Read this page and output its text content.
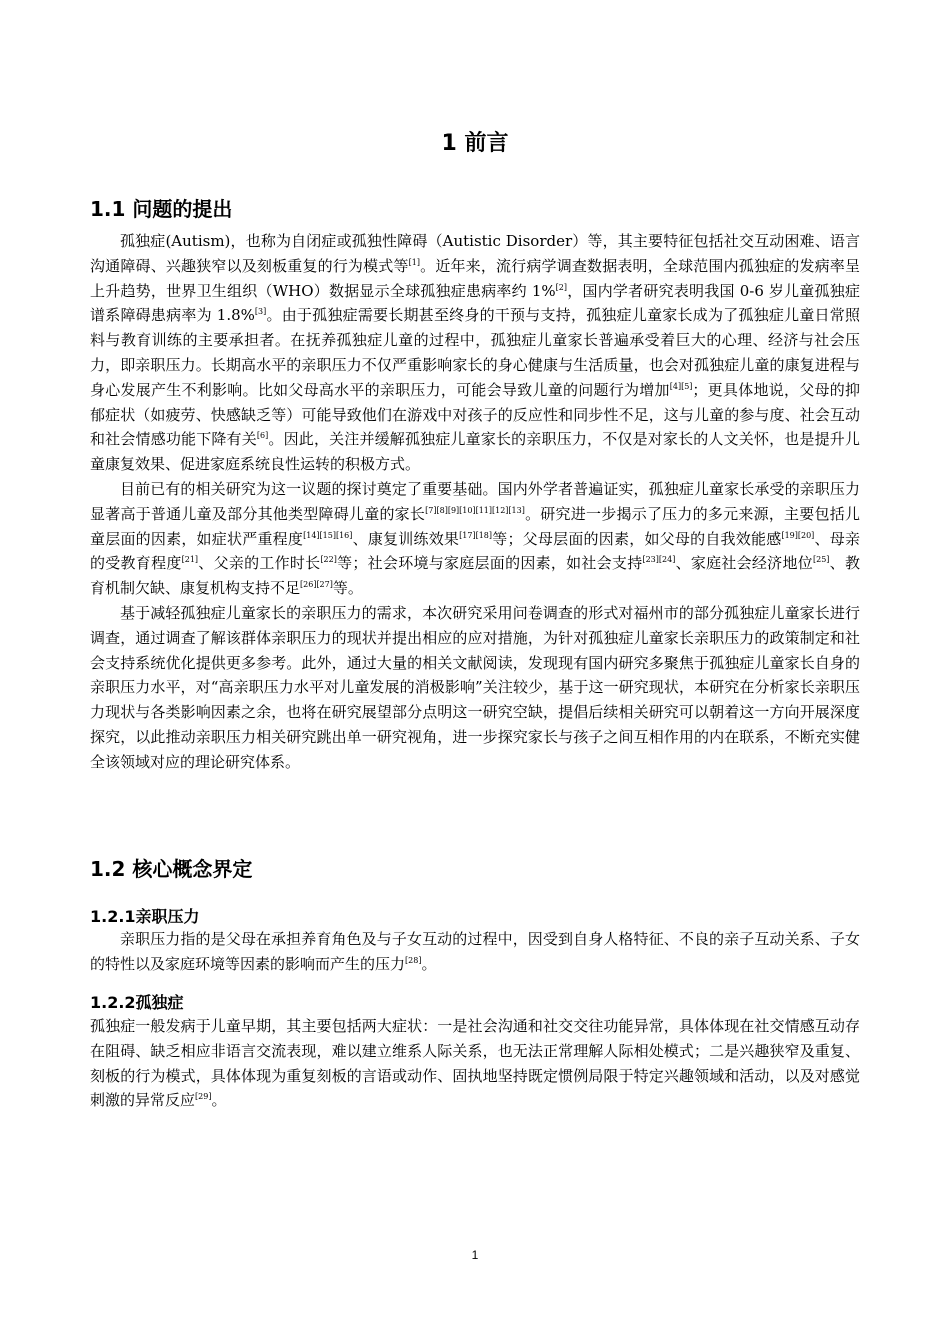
1 前言
1.1 问题的提出

孤独症(Autism)，也称为自闭症或孤独性障碍（Autistic Disorder）等，其主要特征包括社交互动困难、语言沟通障碍、兴趣狭窄以及刻板重复的行为模式等[1]。近年来，流行病学调查数据表明，全球范围内孤独症的发病率呈上升趋势，世界卫生组织（WHO）数据显示全球孤独症患病率约 1%[2]，国内学者研究表明我国 0-6 岁儿童孤独症谱系障碍患病率为 1.8%[3]。由于孤独症需要长期甚至终身的干预与支持，孤独症儿童家长成为了孤独症儿童日常照料与教育训练的主要承担者。在抚养孤独症儿童的过程中，孤独症儿童家长普遍承受着巨大的心理、经济与社会压力，即亲职压力。长期高水平的亲职压力不仅严重影响家长的身心健康与生活质量，也会对孤独症儿童的康复进程与身心发展产生不利影响。比如父母高水平的亲职压力，可能会导致儿童的问题行为增加[4][5]；更具体地说，父母的抑郁症状（如疲劳、快感缺乏等）可能导致他们在游戏中对孩子的反应性和同步性不足，这与儿童的参与度、社会互动和社会情感功能下降有关[6]。因此，关注并缓解孤独症儿童家长的亲职压力，不仅是对家长的人文关怀，也是提升儿童康复效果、促进家庭系统良性运转的积极方式。

目前已有的相关研究为这一议题的探讨奠定了重要基础。国内外学者普遍证实，孤独症儿童家长承受的亲职压力显著高于普通儿童及部分其他类型障碍儿童的家长[7][8][9][10][11][12][13]。研究进一步揭示了压力的多元来源，主要包括儿童层面的因素，如症状严重程度[14][15][16]、康复训练效果[17][18]等；父母层面的因素，如父母的自我效能感[19][20]、母亲的受教育程度[21]、父亲的工作时长[22]等；社会环境与家庭层面的因素，如社会支持[23][24]、家庭社会经济地位[25]、教育机制欠缺、康复机构支持不足[26][27]等。

基于减轻孤独症儿童家长的亲职压力的需求，本次研究采用问卷调查的形式对福州市的部分孤独症儿童家长进行调查，通过调查了解该群体亲职压力的现状并提出相应的应对措施，为针对孤独症儿童家长亲职压力的政策制定和社会支持系统优化提供更多参考。此外，通过大量的相关文献阅读，发现现有国内研究多聚焦于孤独症儿童家长自身的亲职压力水平，对“高亲职压力水平对儿童发展的消极影响”关注较少，基于这一研究现状，本研究在分析家长亲职压力现状与各类影响因素之余，也将在研究展望部分点明这一研究空缺，提倡后续相关研究可以朝着这一方向开展深度探究，以此推动亲职压力相关研究跳出单一研究视角，进一步探究家长与孩子之间互相作用的内在联系，不断充实健全该领域对应的理论研究体系。

1.2 核心概念界定
1.2.1亲职压力

亲职压力指的是父母在承担养育角色及与子女互动的过程中，因受到自身人格特征、不良的亲子互动关系、子女的特性以及家庭环境等因素的影响而产生的压力[28]。

1.2.2孤独症

孤独症一般发病于儿童早期，其主要包括两大症状：一是社会沟通和社交交往功能异常，具体体现在社交情感互动存在阻碍、缺乏相应非语言交流表现，难以建立维系人际关系，也无法正常理解人际相处模式；二是兴趣狭窄及重复、刻板的行为模式，具体体现为重复刻板的言语或动作、固执地坚持既定惯例局限于特定兴趣领域和活动，以及对感觉刺激的异常反应[29]。

1
